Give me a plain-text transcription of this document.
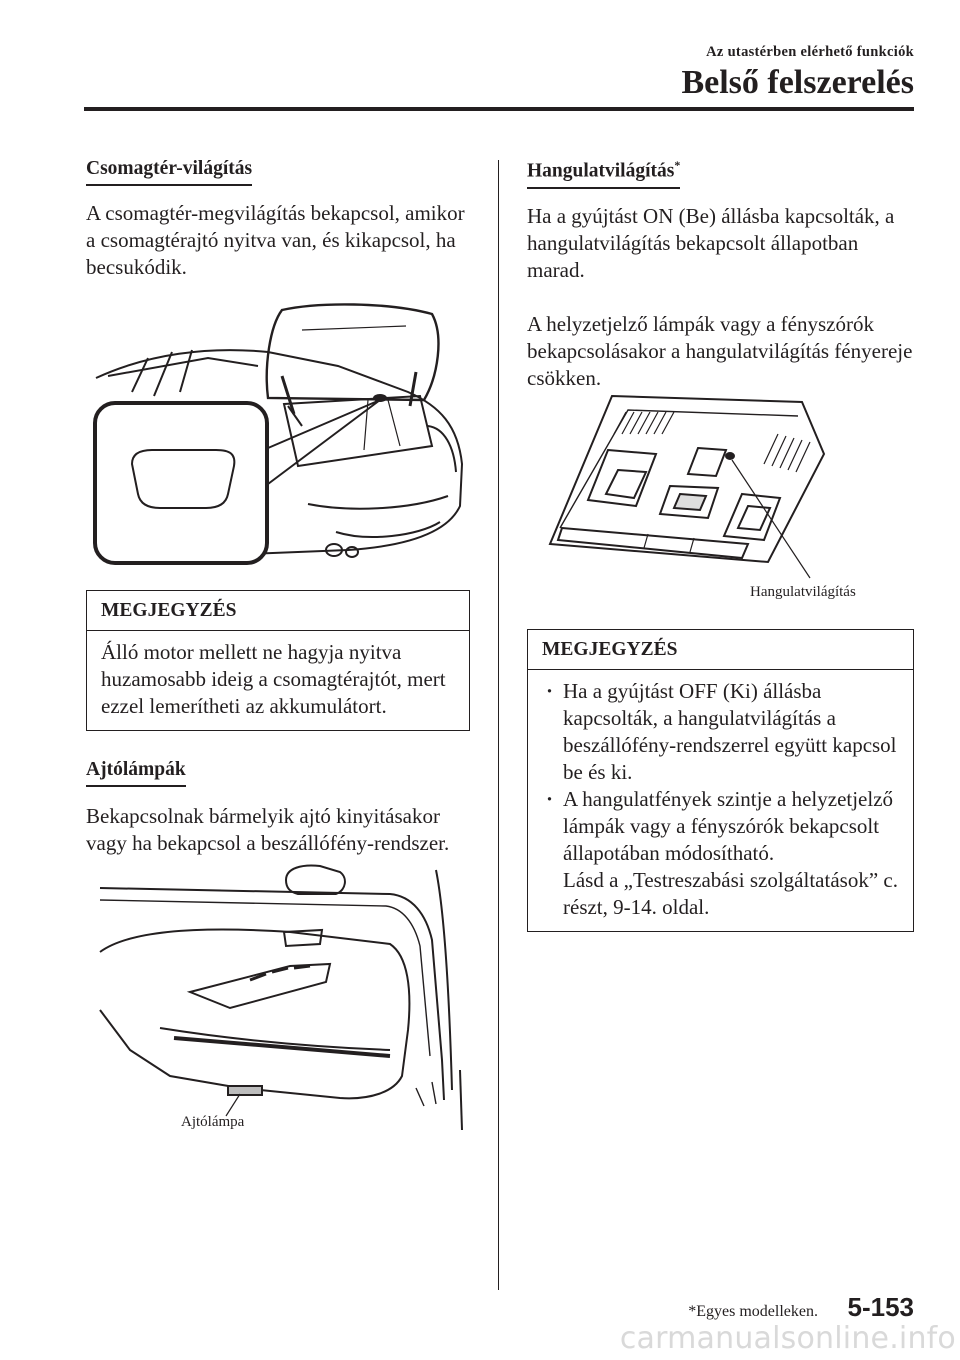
Az utastérben elérhető funkciók
Belső felszerelés
Csomagtér-világítás
A csomagtér-megvilágítás bekapcsol, amikor a csomagtérajtó nyitva van, és kikapcsol, ha becsukódik.
MEGJEGYZÉS
Álló motor mellett ne hagyja nyitva huzamosabb ideig a csomagtérajtót, mert ezzel lemerítheti az akkumulátort.
Ajtólámpák
Bekapcsolnak bármelyik ajtó kinyitásakor vagy ha bekapcsol a beszállófény-rendszer.
Ajtólámpa
Hangulatvilágítás*
Ha a gyújtást ON (Be) állásba kapcsolták, a hangulatvilágítás bekapcsolt állapotban marad.
A helyzetjelző lámpák vagy a fényszórók bekapcsolásakor a hangulatvilágítás fényereje csökken.
Hangulatvilágítás
MEGJEGYZÉS
· Ha a gyújtást OFF (Ki) állásba kapcsolták, a hangulatvilágítás a beszállófény-rendszerrel együtt kapcsol be és ki.
· A hangulatfények szintje a helyzetjelző lámpák vagy a fényszórók bekapcsolt állapotában módosítható.
Lásd a „Testreszabási szolgáltatások” c. részt, 9-14. oldal.
*Egyes modelleken. 5-153
carmanualsonline.info
